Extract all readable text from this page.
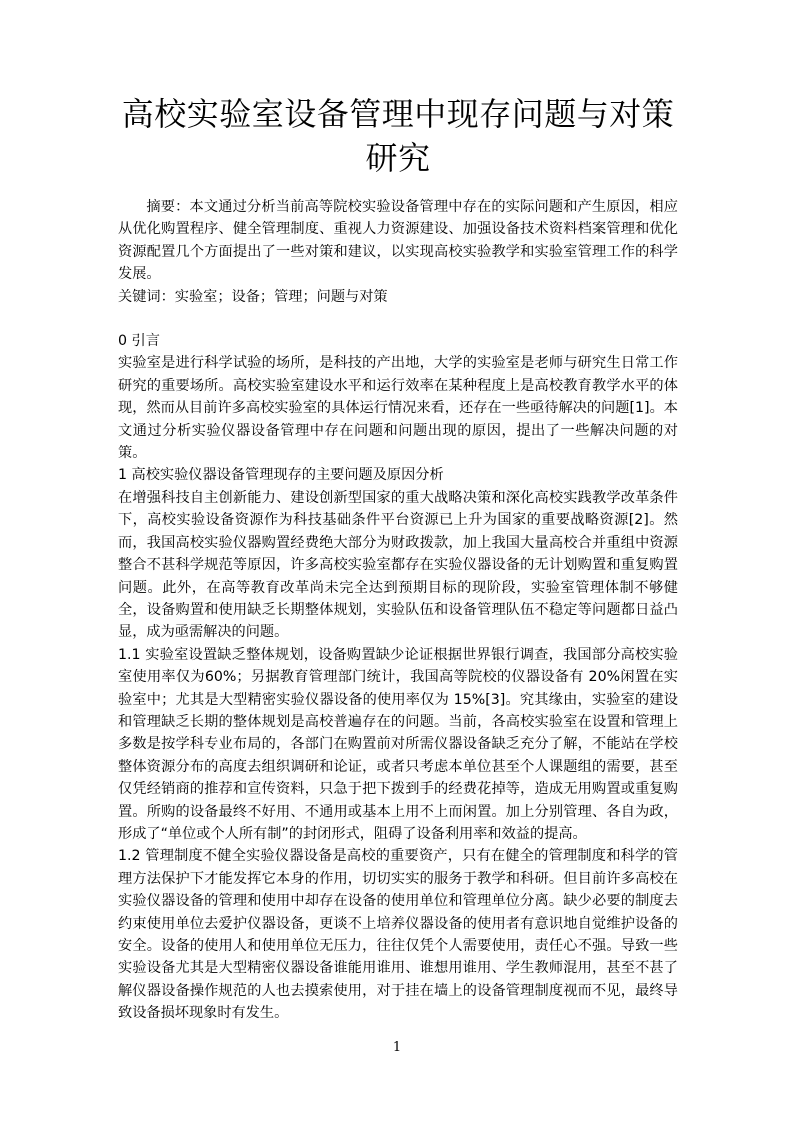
高校实验室设备管理中现存问题与对策研究

摘要：本文通过分析当前高等院校实验设备管理中存在的实际问题和产生原因，相应从优化购置程序、健全管理制度、重视人力资源建设、加强设备技术资料档案管理和优化资源配置几个方面提出了一些对策和建议，以实现高校实验教学和实验室管理工作的科学发展。

关键词：实验室；设备；管理；问题与对策

0 引言

实验室是进行科学试验的场所，是科技的产出地，大学的实验室是老师与研究生日常工作研究的重要场所。高校实验室建设水平和运行效率在某种程度上是高校教育教学水平的体现，然而从目前许多高校实验室的具体运行情况来看，还存在一些亟待解决的问题[1]。本文通过分析实验仪器设备管理中存在问题和问题出现的原因，提出了一些解决问题的对策。

1 高校实验仪器设备管理现存的主要问题及原因分析

在增强科技自主创新能力、建设创新型国家的重大战略决策和深化高校实践教学改革条件下，高校实验设备资源作为科技基础条件平台资源已上升为国家的重要战略资源[2]。然而，我国高校实验仪器购置经费绝大部分为财政拨款，加上我国大量高校合并重组中资源整合不甚科学规范等原因，许多高校实验室都存在实验仪器设备的无计划购置和重复购置问题。此外，在高等教育改革尚未完全达到预期目标的现阶段，实验室管理体制不够健全，设备购置和使用缺乏长期整体规划，实验队伍和设备管理队伍不稳定等问题都日益凸显，成为亟需解决的问题。

1.1 实验室设置缺乏整体规划，设备购置缺少论证根据世界银行调查，我国部分高校实验室使用率仅为60%；另据教育管理部门统计，我国高等院校的仪器设备有 20%闲置在实验室中；尤其是大型精密实验仪器设备的使用率仅为 15%[3]。究其缘由，实验室的建设和管理缺乏长期的整体规划是高校普遍存在的问题。当前，各高校实验室在设置和管理上多数是按学科专业布局的，各部门在购置前对所需仪器设备缺乏充分了解，不能站在学校整体资源分布的高度去组织调研和论证，或者只考虑本单位甚至个人课题组的需要，甚至仅凭经销商的推荐和宣传资料，只急于把下拨到手的经费花掉等，造成无用购置或重复购置。所购的设备最终不好用、不通用或基本上用不上而闲置。加上分别管理、各自为政，形成了“单位或个人所有制”的封闭形式，阻碍了设备利用率和效益的提高。

1.2 管理制度不健全实验仪器设备是高校的重要资产，只有在健全的管理制度和科学的管理方法保护下才能发挥它本身的作用，切切实实的服务于教学和科研。但目前许多高校在实验仪器设备的管理和使用中却存在设备的使用单位和管理单位分离。缺少必要的制度去约束使用单位去爱护仪器设备，更谈不上培养仪器设备的使用者有意识地自觉维护设备的安全。设备的使用人和使用单位无压力，往往仅凭个人需要使用，责任心不强。导致一些实验设备尤其是大型精密仪器设备谁能用谁用、谁想用谁用、学生教师混用，甚至不甚了解仪器设备操作规范的人也去摸索使用，对于挂在墙上的设备管理制度视而不见，最终导致设备损坏现象时有发生。

1
